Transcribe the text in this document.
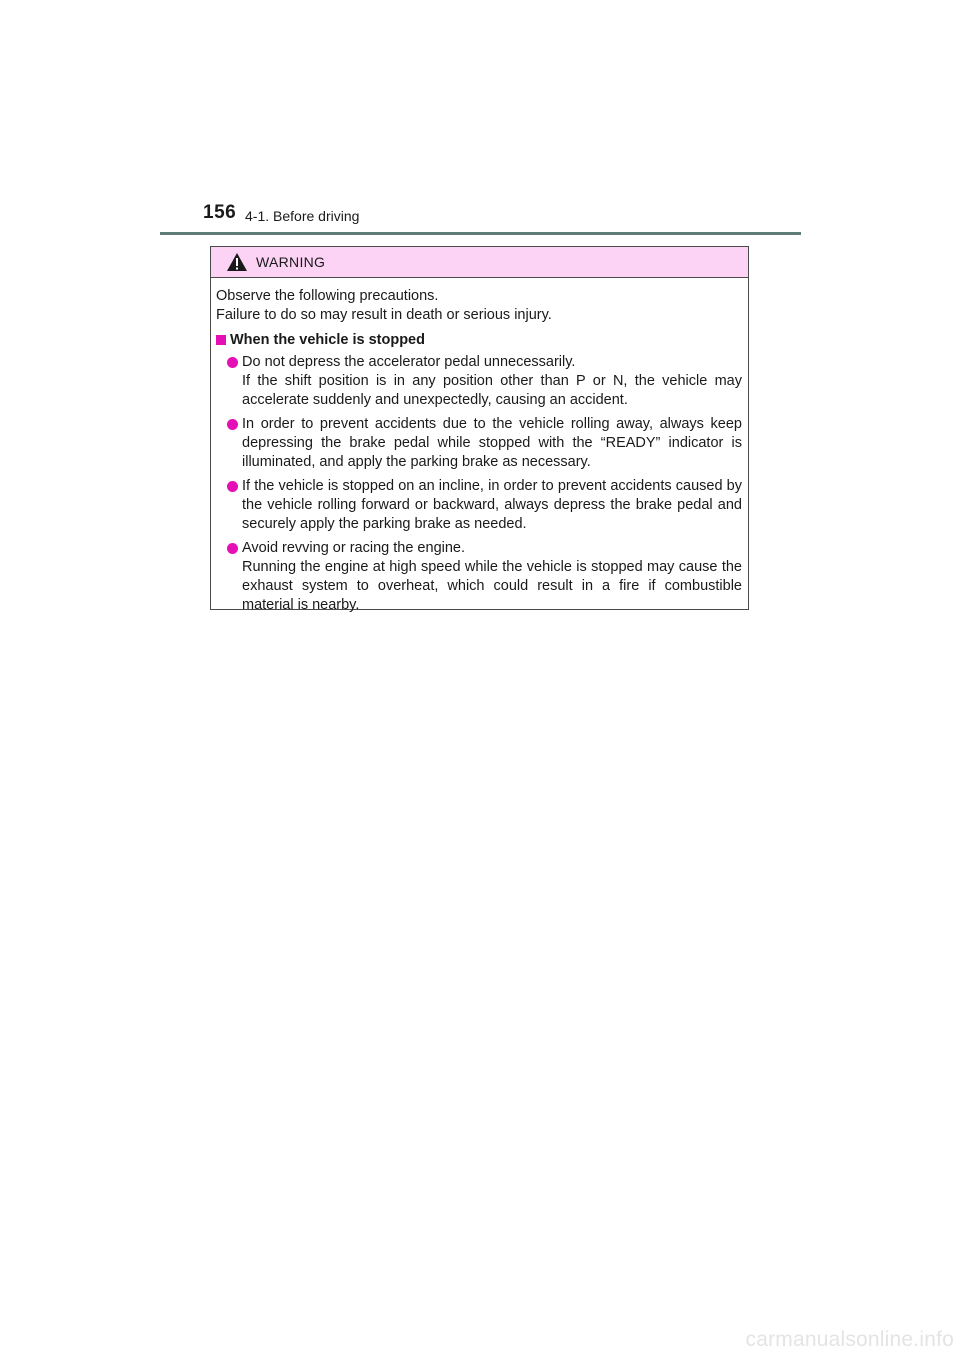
156 4-1. Before driving
WARNING

Observe the following precautions.

Failure to do so may result in death or serious injury.

When the vehicle is stopped

Do not depress the accelerator pedal unnecessarily.

If the shift position is in any position other than P or N, the vehicle may accelerate suddenly and unexpectedly, causing an accident.

In order to prevent accidents due to the vehicle rolling away, always keep depressing the brake pedal while stopped with the “READY” indicator is illuminated, and apply the parking brake as necessary.

If the vehicle is stopped on an incline, in order to prevent accidents caused by the vehicle rolling forward or backward, always depress the brake pedal and securely apply the parking brake as needed.

Avoid revving or racing the engine.

Running the engine at high speed while the vehicle is stopped may cause the exhaust system to overheat, which could result in a fire if combustible material is nearby.

carmanualsonline.info
